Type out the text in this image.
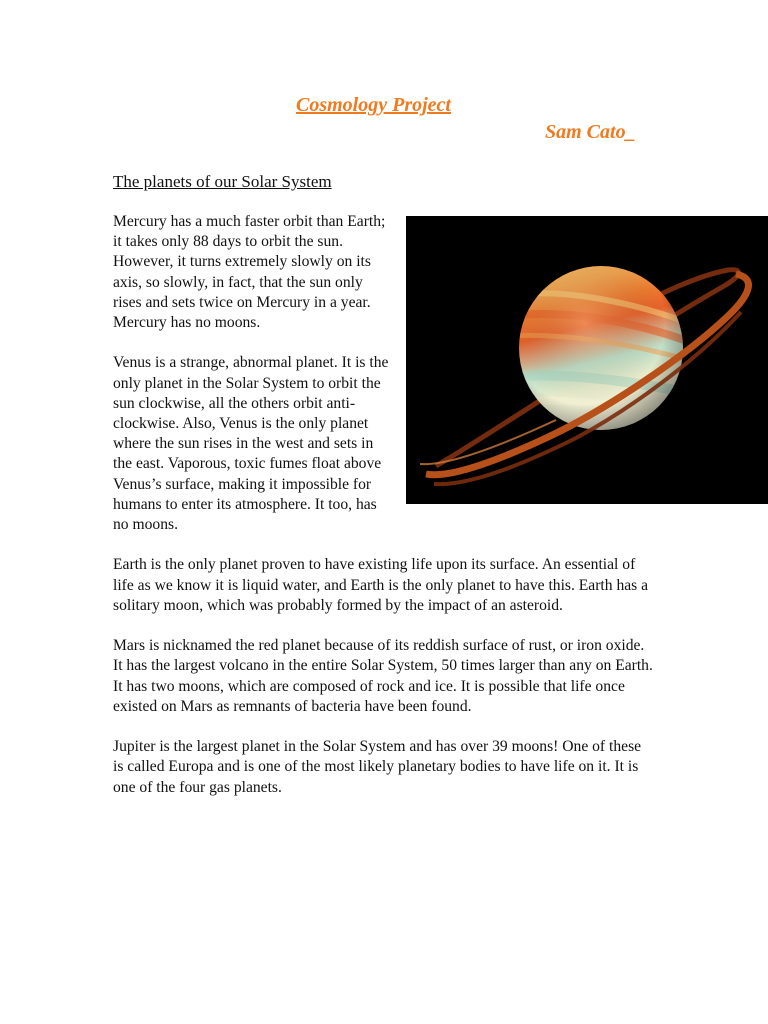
Cosmology Project
Sam Cato_
The planets of our Solar System

Mercury has a much faster orbit than Earth; it takes only 88 days to orbit the sun. However, it turns extremely slowly on its axis, so slowly, in fact, that the sun only rises and sets twice on Mercury in a year. Mercury has no moons.

Venus is a strange, abnormal planet. It is the only planet in the Solar System to orbit the sun clockwise, all the others orbit anti-clockwise. Also, Venus is the only planet where the sun rises in the west and sets in the east. Vaporous, toxic fumes float above Venus’s surface, making it impossible for humans to enter its atmosphere. It too, has no moons.

Earth is the only planet proven to have existing life upon its surface. An essential of life as we know it is liquid water, and Earth is the only planet to have this. Earth has a solitary moon, which was probably formed by the impact of an asteroid.

Mars is nicknamed the red planet because of its reddish surface of rust, or iron oxide. It has the largest volcano in the entire Solar System, 50 times larger than any on Earth. It has two moons, which are composed of rock and ice. It is possible that life once existed on Mars as remnants of bacteria have been found.

Jupiter is the largest planet in the Solar System and has over 39 moons! One of these is called Europa and is one of the most likely planetary bodies to have life on it. It is one of the four gas planets.
